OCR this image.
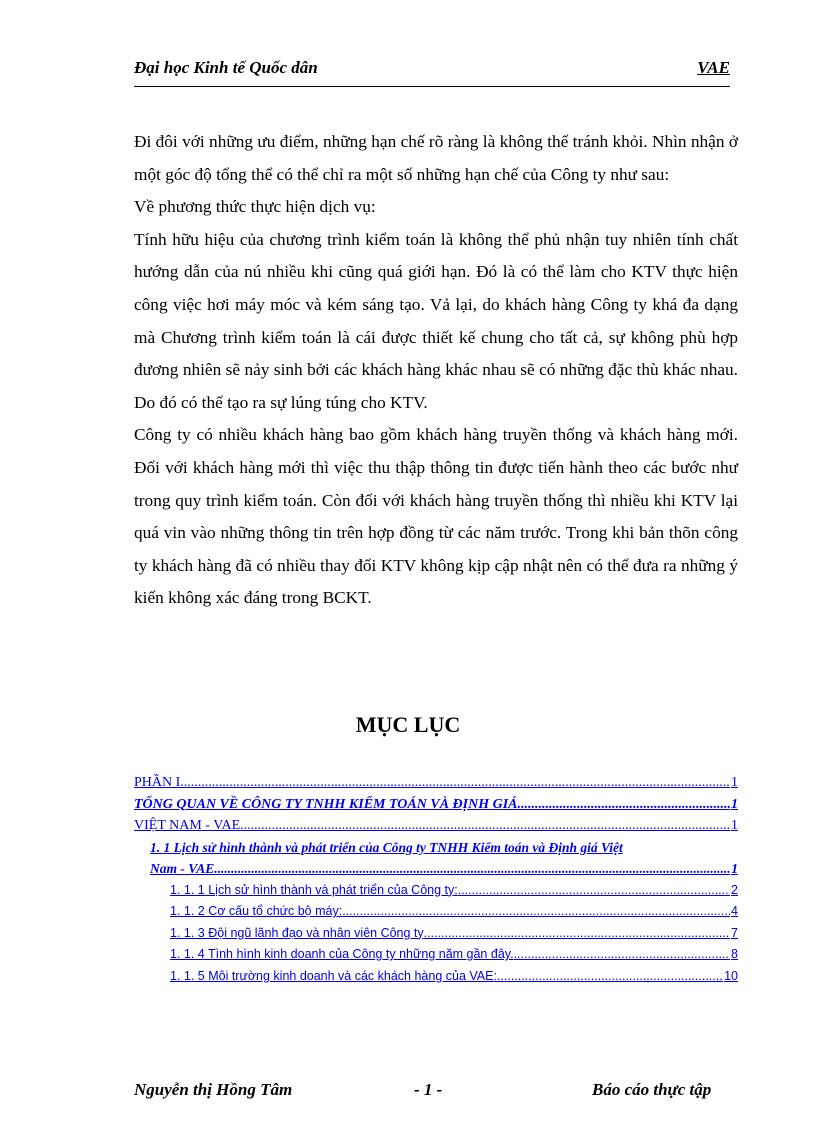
Đại học Kinh tế Quốc dân	VAE

Đi đôi với những ưu điểm, những hạn chế rõ ràng là không thể tránh khỏi. Nhìn nhận ở một góc độ tổng thể có thể chỉ ra một số những hạn chế của Công ty như sau:

Về phương thức thực hiện dịch vụ:

Tính hữu hiệu của chương trình kiểm toán là không thể phủ nhận tuy nhiên tính chất hướng dẫn của nú nhiều khi cũng quá giới hạn. Đó là có thể làm cho KTV thực hiện công việc hơi máy móc và kém sáng tạo. Vả lại, do khách hàng Công ty khá đa dạng mà Chương trình kiểm toán là cái được thiết kế chung cho tất cả, sự không phù hợp đương nhiên sẽ nảy sinh bởi các khách hàng khác nhau sẽ có những đặc thù khác nhau. Do đó có thể tạo ra sự lúng túng cho KTV.

Công ty có nhiều khách hàng bao gồm khách hàng truyền thống và khách hàng mới. Đối với khách hàng mới thì việc thu thập thông tin được tiến hành theo các bước như trong quy trình kiểm toán. Còn đối với khách hàng truyền thống thì nhiều khi KTV lại quá vin vào những thông tin trên hợp đồng từ các năm trước. Trong khi bản thõn công ty khách hàng đã có nhiều thay đổi KTV không kịp cập nhật nên có thể đưa ra những ý kiến không xác đáng trong BCKT.

MỤC LỤC
PHẦN I .....	1
TỔNG QUAN VỀ CÔNG TY TNHH KIỂM TOÁN VÀ ĐỊNH GIÁ .....	1
VIỆT NAM - VAE .....	1
1. 1 Lịch sử hình thành và phát triển của Công ty TNHH Kiểm toán và Định giá Việt
Nam - VAE .....	1
1. 1. 1 Lịch sử hình thành và phát triển của Công ty: .....	2
1. 1. 2 Cơ cấu tổ chức bộ máy: .....	4
1. 1. 3 Đội ngũ lãnh đạo và nhân viên Công ty .....	7
1. 1. 4 Tình hình kinh doanh của Công ty những năm gần đây. .....	8
1. 1. 5 Môi trường kinh doanh và các khách hàng của VAE: .....	10
Nguyễn thị Hồng Tâm	- 1 -	Báo cáo thực tập
